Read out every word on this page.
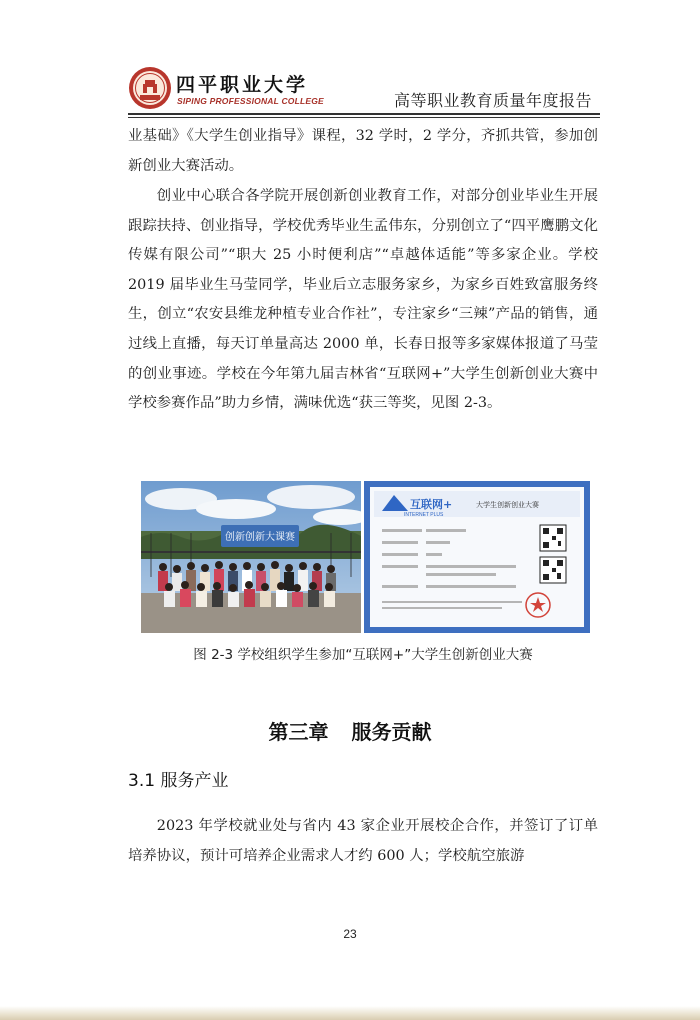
四平职业大学
SIPING PROFESSIONAL COLLEGE	高等职业教育质量年度报告

业基础》《大学生创业指导》课程，32 学时，2 学分，齐抓共管，参加创新创业大赛活动。

创业中心联合各学院开展创新创业教育工作，对部分创业毕业生开展跟踪扶持、创业指导，学校优秀毕业生孟伟东，分别创立了“四平鹰鹏文化传媒有限公司”“职大 25 小时便利店”“卓越体适能”等多家企业。学校 2019 届毕业生马莹同学，毕业后立志服务家乡，为家乡百姓致富服务终生，创立“农安县维龙种植专业合作社”，专注家乡“三辣”产品的销售，通过线上直播，每天订单量高达 2000 单，长春日报等多家媒体报道了马莹的创业事迹。学校在今年第九届吉林省“互联网+”大学生创新创业大赛中学校参赛作品”助力乡情，满味优选“获三等奖，见图 2-3。

创新创新大课赛
互联网+
INTERNET PLUS
大学生创新创业大赛
图 2-3 学校组织学生参加“互联网+”大学生创新创业大赛
第三章 服务贡献
3.1 服务产业

2023 年学校就业处与省内 43 家企业开展校企合作，并签订了订单培养协议，预计可培养企业需求人才约 600 人；学校航空旅游

23
